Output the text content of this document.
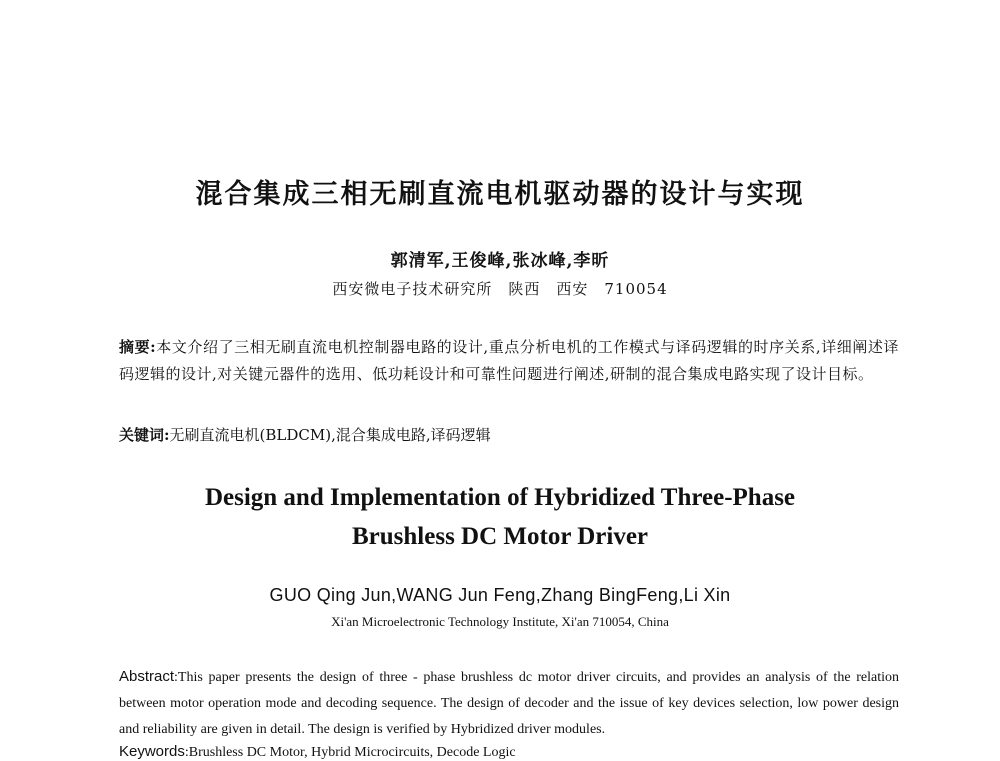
混合集成三相无刷直流电机驱动器的设计与实现
郭清军,王俊峰,张冰峰,李昕
西安微电子技术研究所　陕西　西安　710054
摘要:本文介绍了三相无刷直流电机控制器电路的设计,重点分析电机的工作模式与译码逻辑的时序关系,详细阐述译码逻辑的设计,对关键元器件的选用、低功耗设计和可靠性问题进行阐述,研制的混合集成电路实现了设计目标。
关键词:无刷直流电机(BLDCM),混合集成电路,译码逻辑
Design and Implementation of Hybridized Three-Phase
Brushless DC Motor Driver
GUO Qing Jun,WANG Jun Feng,Zhang BingFeng,Li Xin
Xi'an Microelectronic Technology Institute, Xi'an 710054, China
Abstract:This paper presents the design of three - phase brushless dc motor driver circuits, and provides an analysis of the relation between motor operation mode and decoding sequence. The design of decoder and the issue of key devices selection, low power design and reliability are given in detail. The design is verified by Hybridized driver modules.
Keywords:Brushless DC Motor, Hybrid Microcircuits, Decode Logic
